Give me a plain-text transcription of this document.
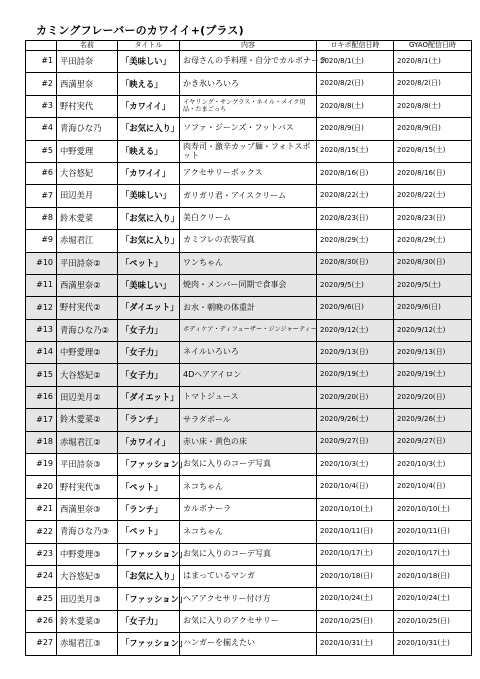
カミングフレーバーのカワイイ+(プラス)
	名前	タイトル	内容	ロキポ配信日時	GYAO配信日時
#1	平田詩奈	「美味しい」	お母さんの手料理・自分でカルボナーラ	2020/8/1(土)	2020/8/1(土)
#2	西満里奈	「映える」	かき氷いろいろ	2020/8/2(日)	2020/8/2(日)
#3	野村実代	「カワイイ」	イヤリング・サングラス・ネイル・メイク用品・たまごっち	2020/8/8(土)	2020/8/8(土)
#4	青海ひな乃	「お気に入り」	ソファ・ジーンズ・フットバス	2020/8/9(日)	2020/8/9(日)
#5	中野愛理	「映える」	肉寿司・激辛カップ麺・フォトスポット	2020/8/15(土)	2020/8/15(土)
#6	大谷悠妃	「カワイイ」	アクセサリーボックス	2020/8/16(日)	2020/8/16(日)
#7	田辺美月	「美味しい」	ガリガリ君・アイスクリーム	2020/8/22(土)	2020/8/22(土)
#8	鈴木愛菜	「お気に入り」	美白クリーム	2020/8/23(日)	2020/8/23(日)
#9	赤堀君江	「お気に入り」	カミフレの衣装写真	2020/8/29(土)	2020/8/29(土)
#10	平田詩奈②	「ペット」	ワンちゃん	2020/8/30(日)	2020/8/30(日)
#11	西満里奈②	「美味しい」	焼肉・メンバー同期で食事会	2020/9/5(土)	2020/9/5(土)
#12	野村実代②	「ダイエット」	お水・朝晩の体重計	2020/9/6(日)	2020/9/6(日)
#13	青海ひな乃②	「女子力」	ボディケア・ディフューザー・ジンジャーティー	2020/9/12(土)	2020/9/12(土)
#14	中野愛理②	「女子力」	ネイルいろいろ	2020/9/13(日)	2020/9/13(日)
#15	大谷悠妃②	「女子力」	4Dヘアアイロン	2020/9/19(土)	2020/9/19(土)
#16	田辺美月②	「ダイエット」	トマトジュース	2020/9/20(日)	2020/9/20(日)
#17	鈴木愛菜②	「ランチ」	サラダボール	2020/9/26(土)	2020/9/26(土)
#18	赤堀君江②	「カワイイ」	赤い床・黄色の床	2020/9/27(日)	2020/9/27(日)
#19	平田詩奈③	「ファッション」	お気に入りのコーデ写真	2020/10/3(土)	2020/10/3(土)
#20	野村実代③	「ペット」	ネコちゃん	2020/10/4(日)	2020/10/4(日)
#21	西満里奈③	「ランチ」	カルボナーラ	2020/10/10(土)	2020/10/10(土)
#22	青海ひな乃③	「ペット」	ネコちゃん	2020/10/11(日)	2020/10/11(日)
#23	中野愛理③	「ファッション」	お気に入りのコーデ写真	2020/10/17(土)	2020/10/17(土)
#24	大谷悠妃③	「お気に入り」	はまっているマンガ	2020/10/18(日)	2020/10/18(日)
#25	田辺美月③	「ファッション」	ヘアアクセサリー付け方	2020/10/24(土)	2020/10/24(土)
#26	鈴木愛菜③	「女子力」	お気に入りのアクセサリー	2020/10/25(日)	2020/10/25(日)
#27	赤堀君江③	「ファッション」	ハンガーを揃えたい	2020/10/31(土)	2020/10/31(土)
